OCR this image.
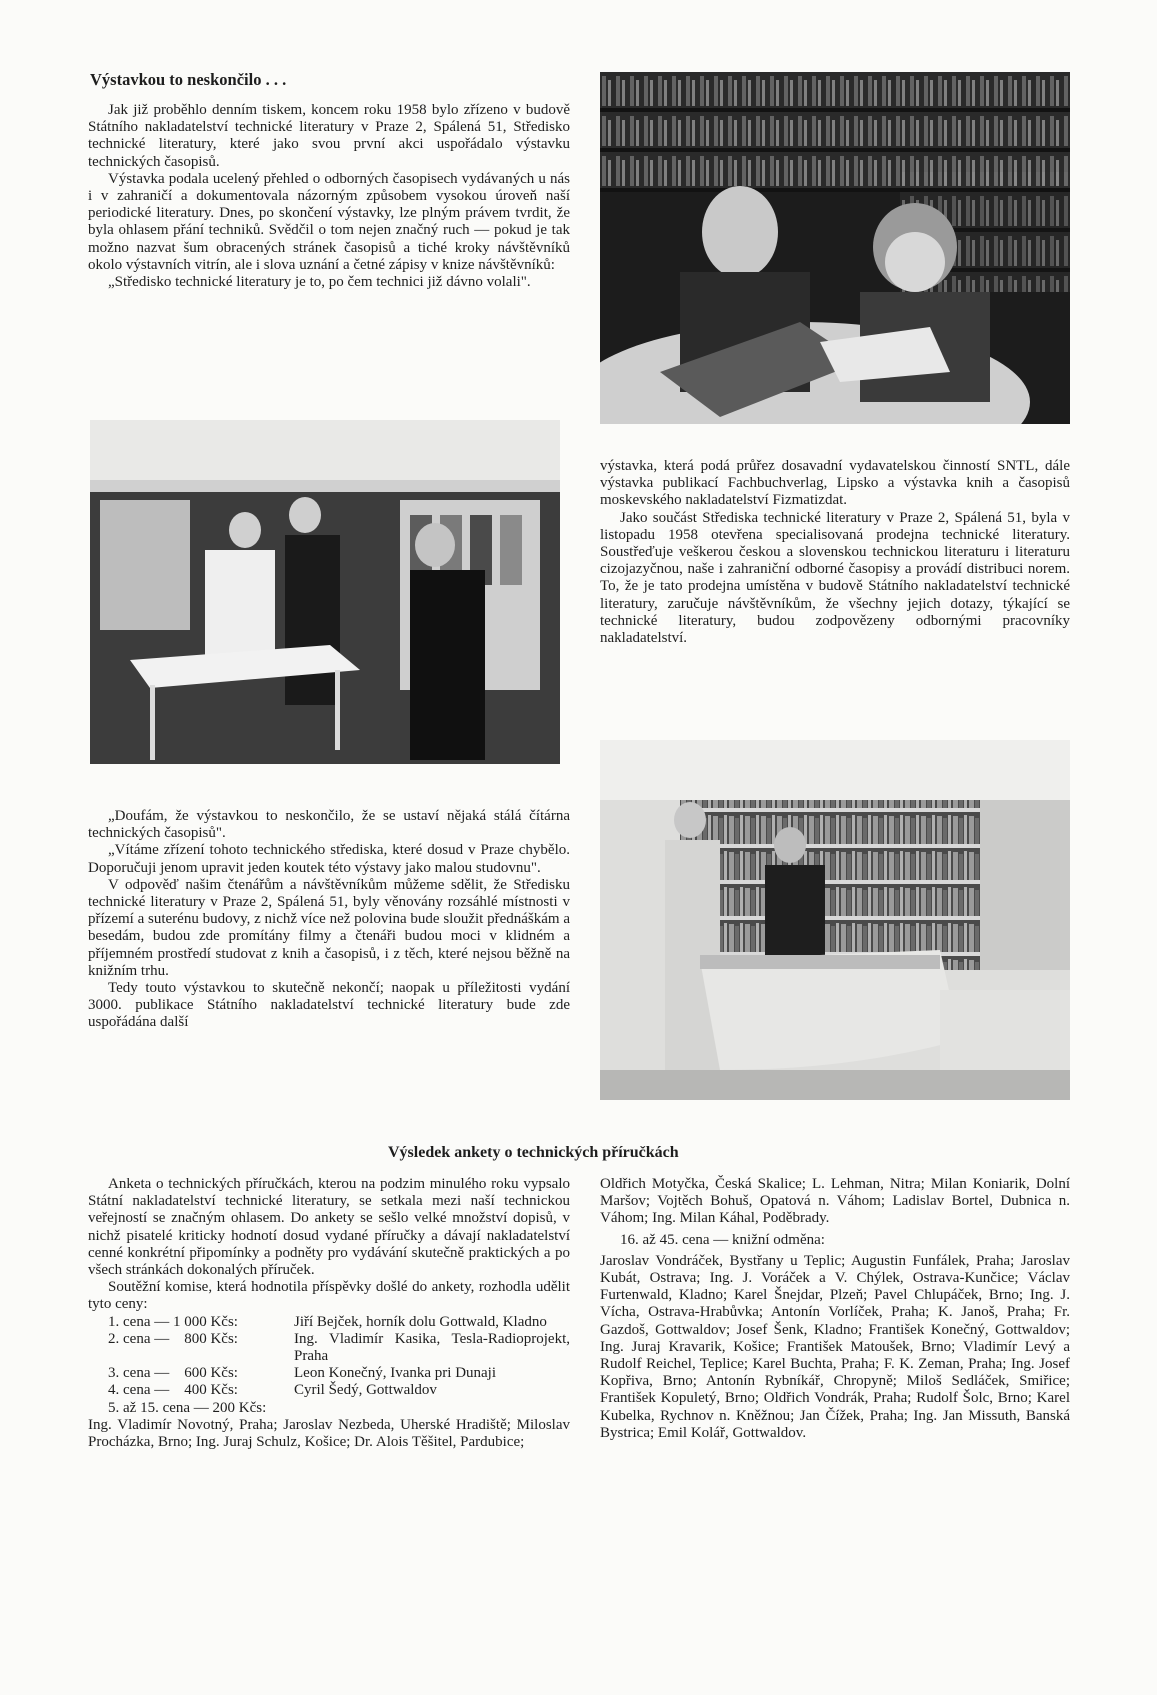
Výstavkou to neskončilo . . .

Jak již proběhlo denním tiskem, koncem roku 1958 bylo zřízeno v budově Státního nakladatelství technické literatury v Praze 2, Spálená 51, Středisko technické literatury, které jako svou první akci uspořádalo výstavku technických časopisů.

Výstavka podala ucelený přehled o odborných časopisech vydávaných u nás i v zahraničí a dokumentovala názorným způsobem vysokou úroveň naší periodické literatury. Dnes, po skončení výstavky, lze plným právem tvrdit, že byla ohlasem přání techniků. Svědčil o tom nejen značný ruch — pokud je tak možno nazvat šum obracených stránek časopisů a tiché kroky návštěvníků okolo výstavních vitrín, ale i slova uznání a četné zápisy v knize návštěvníků:

„Středisko technické literatury je to, po čem technici již dávno volali".

výstavka, která podá průřez dosavadní vydavatelskou činností SNTL, dále výstavka publikací Fachbuchverlag, Lipsko a výstavka knih a časopisů moskevského nakladatelství Fizmatizdat.

Jako součást Střediska technické literatury v Praze 2, Spálená 51, byla v listopadu 1958 otevřena specialisovaná prodejna technické literatury. Soustřeďuje veškerou českou a slovenskou technickou literaturu i literaturu cizojazyčnou, naše i zahraniční odborné časopisy a provádí distribuci norem. To, že je tato prodejna umístěna v budově Státního nakladatelství technické literatury, zaručuje návštěvníkům, že všechny jejich dotazy, týkající se technické literatury, budou zodpovězeny odbornými pracovníky nakladatelství.

„Doufám, že výstavkou to neskončilo, že se ustaví nějaká stálá čítárna technických časopisů".

„Vítáme zřízení tohoto technického střediska, které dosud v Praze chybělo. Doporučuji jenom upravit jeden koutek této výstavy jako malou studovnu".

V odpověď našim čtenářům a návštěvníkům můžeme sdělit, že Středisku technické literatury v Praze 2, Spálená 51, byly věnovány rozsáhlé místnosti v přízemí a suterénu budovy, z nichž více než polovina bude sloužit přednáškám a besedám, budou zde promítány filmy a čtenáři budou moci v klidném a příjemném prostředí studovat z knih a časopisů, i z těch, které nejsou běžně na knižním trhu.

Tedy touto výstavkou to skutečně nekončí; naopak u příležitosti vydání 3000. publikace Státního nakladatelství technické literatury bude zde uspořádána další

Výsledek ankety o technických příručkách

Anketa o technických příručkách, kterou na podzim minulého roku vypsalo Státní nakladatelství technické literatury, se setkala mezi naší technickou veřejností se značným ohlasem. Do ankety se sešlo velké množství dopisů, v nichž pisatelé kriticky hodnotí dosud vydané příručky a dávají nakladatelství cenné konkrétní připomínky a podněty pro vydávání skutečně praktických a po všech stránkách dokonalých příruček.

Soutěžní komise, která hodnotila příspěvky došlé do ankety, rozhodla udělit tyto ceny:

1. cena — 1 000 Kčs:	Jiří Bejček, horník dolu Gottwald, Kladno
2. cena —    800 Kčs:	Ing. Vladimír Kasika, Tesla-Radioprojekt, Praha
3. cena —    600 Kčs:	Leon Konečný, Ivanka pri Dunaji
4. cena —    400 Kčs:	Cyril Šedý, Gottwaldov
5. až 15. cena — 200 Kčs:

Ing. Vladimír Novotný, Praha; Jaroslav Nezbeda, Uherské Hradiště; Miloslav Procházka, Brno; Ing. Juraj Schulz, Košice; Dr. Alois Těšitel, Pardubice;

Oldřich Motyčka, Česká Skalice; L. Lehman, Nitra; Milan Koniarik, Dolní Maršov; Vojtěch Bohuš, Opatová n. Váhom; Ladislav Bortel, Dubnica n. Váhom; Ing. Milan Káhal, Poděbrady.

16. až 45. cena — knižní odměna:

Jaroslav Vondráček, Bystřany u Teplic; Augustin Funfálek, Praha; Jaroslav Kubát, Ostrava; Ing. J. Voráček a V. Chýlek, Ostrava-Kunčice; Václav Furtenwald, Kladno; Karel Šnejdar, Plzeň; Pavel Chlupáček, Brno; Ing. J. Vícha, Ostrava-Hrabůvka; Antonín Vorlíček, Praha; K. Janoš, Praha; Fr. Gazdoš, Gottwaldov; Josef Šenk, Kladno; František Konečný, Gottwaldov; Ing. Juraj Kravarik, Košice; František Matoušek, Brno; Vladimír Levý a Rudolf Reichel, Teplice; Karel Buchta, Praha; F. K. Zeman, Praha; Ing. Josef Kopřiva, Brno; Antonín Rybníkář, Chropyně; Miloš Sedláček, Smiřice; František Kopuletý, Brno; Oldřich Vondrák, Praha; Rudolf Šolc, Brno; Karel Kubelka, Rychnov n. Kněžnou; Jan Čížek, Praha; Ing. Jan Missuth, Banská Bystrica; Emil Kolář, Gottwaldov.
